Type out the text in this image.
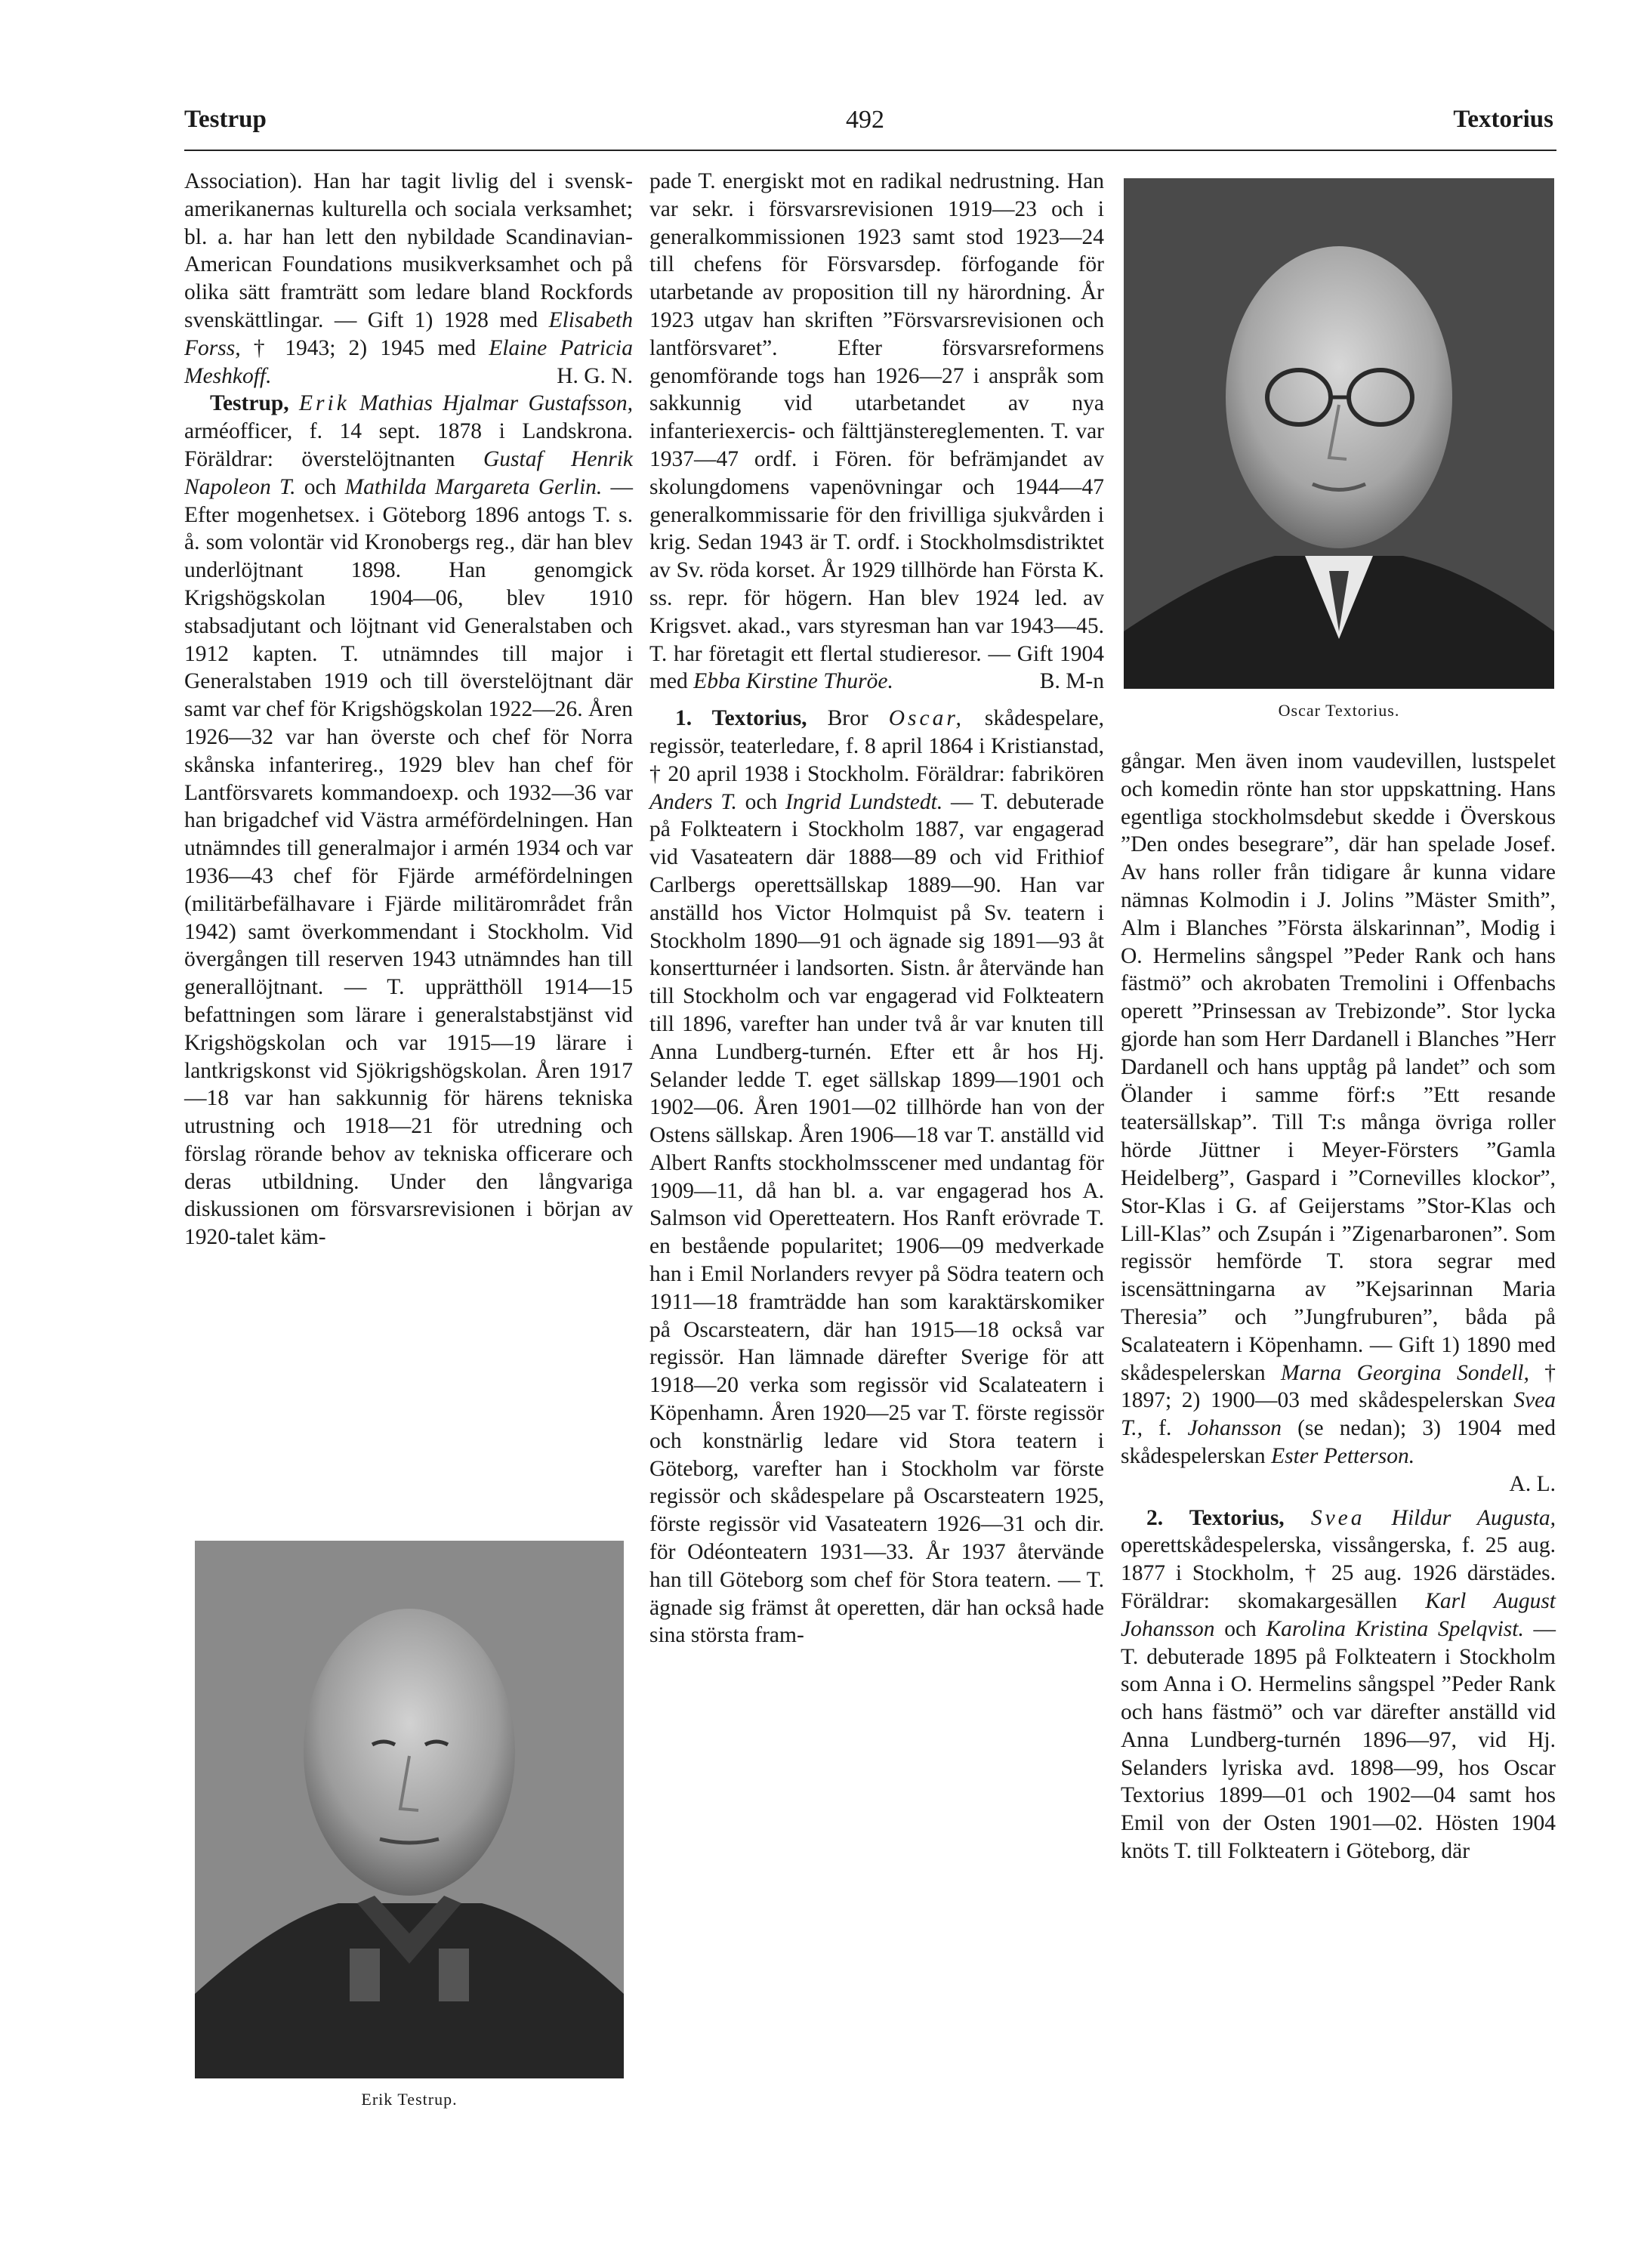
Testrup	492	Textorius

Association). Han har tagit livlig del i svensk-amerikanernas kulturella och sociala verksamhet; bl. a. har han lett den nybildade Scandinavian-American Foundations musikverksamhet och på olika sätt framträtt som ledare bland Rockfords svenskättlingar. — Gift 1) 1928 med Elisabeth Forss, † 1943; 2) 1945 med Elaine Patricia Meshkoff.	H. G. N.

Testrup, Erik Mathias Hjalmar Gustafsson, arméofficer, f. 14 sept. 1878 i Landskrona. Föräldrar: överstelöjtnanten Gustaf Henrik Napoleon T. och Mathilda Margareta Gerlin. — Efter mogenhetsex. i Göteborg 1896 antogs T. s. å. som volontär vid Kronobergs reg., där han blev underlöjtnant 1898. Han genomgick Krigshögskolan 1904—06, blev 1910 stabsadjutant och löjtnant vid Generalstaben och 1912 kapten. T. utnämndes till major i Generalstaben 1919 och till överstelöjtnant där samt var chef för Krigshögskolan 1922—26. Åren 1926—32 var han överste och chef för Norra skånska infanterireg., 1929 blev han chef för Lantförsvarets kommandoexp. och 1932—36 var han brigadchef vid Västra arméfördelningen. Han utnämndes till generalmajor i armén 1934 och var 1936—43 chef för Fjärde arméfördelningen (militärbefälhavare i Fjärde militärområdet från 1942) samt överkommendant i Stockholm. Vid övergången till reserven 1943 utnämndes han till generallöjtnant. — T. upprätthöll 1914—15 befattningen som lärare i generalstabstjänst vid Krigshögskolan och var 1915—19 lärare i lantkrigskonst vid Sjökrigshögskolan. Åren 1917—18 var han sakkunnig för härens tekniska utrustning och 1918—21 för utredning och förslag rörande behov av tekniska officerare och deras utbildning. Under den långvariga diskussionen om försvarsrevisionen i början av 1920-talet käm-

pade T. energiskt mot en radikal nedrustning. Han var sekr. i försvarsrevisionen 1919—23 och i generalkommissionen 1923 samt stod 1923—24 till chefens för Försvarsdep. förfogande för utarbetande av proposition till ny härordning. År 1923 utgav han skriften ”Försvarsrevisionen och lantförsvaret”. Efter försvarsreformens genomförande togs han 1926—27 i anspråk som sakkunnig vid utarbetandet av nya infanteriexercis- och fälttjänstereglementen. T. var 1937—47 ordf. i Fören. för befrämjandet av skolungdomens vapenövningar och 1944—47 generalkommissarie för den frivilliga sjukvården i krig. Sedan 1943 är T. ordf. i Stockholmsdistriktet av Sv. röda korset. År 1929 tillhörde han Första K. ss. repr. för högern. Han blev 1924 led. av Krigsvet. akad., vars styresman han var 1943—45. T. har företagit ett flertal studieresor. — Gift 1904 med Ebba Kirstine Thuröe.	B. M-n

1. Textorius, Bror Oscar, skådespelare, regissör, teaterledare, f. 8 april 1864 i Kristianstad, † 20 april 1938 i Stockholm. Föräldrar: fabrikören Anders T. och Ingrid Lundstedt. — T. debuterade på Folkteatern i Stockholm 1887, var engagerad vid Vasateatern där 1888—89 och vid Frithiof Carlbergs operettsällskap 1889—90. Han var anställd hos Victor Holmquist på Sv. teatern i Stockholm 1890—91 och ägnade sig 1891—93 åt konsertturnéer i landsorten. Sistn. år återvände han till Stockholm och var engagerad vid Folkteatern till 1896, varefter han under två år var knuten till Anna Lundberg-turnén. Efter ett år hos Hj. Selander ledde T. eget sällskap 1899—1901 och 1902—06. Åren 1901—02 tillhörde han von der Ostens sällskap. Åren 1906—18 var T. anställd vid Albert Ranfts stockholmsscener med undantag för 1909—11, då han bl. a. var engagerad hos A. Salmson vid Operetteatern. Hos Ranft erövrade T. en bestående popularitet; 1906—09 medverkade han i Emil Norlanders revyer på Södra teatern och 1911—18 framträdde han som karaktärskomiker på Oscarsteatern, där han 1915—18 också var regissör. Han lämnade därefter Sverige för att 1918—20 verka som regissör vid Scalateatern i Köpenhamn. Åren 1920—25 var T. förste regissör och konstnärlig ledare vid Stora teatern i Göteborg, varefter han i Stockholm var förste regissör och skådespelare på Oscarsteatern 1925, förste regissör vid Vasateatern 1926—31 och dir. för Odéonteatern 1931—33. År 1937 återvände han till Göteborg som chef för Stora teatern. — T. ägnade sig främst åt operetten, där han också hade sina största fram-

gångar. Men även inom vaudevillen, lustspelet och komedin rönte han stor uppskattning. Hans egentliga stockholmsdebut skedde i Överskous ”Den ondes besegrare”, där han spelade Josef. Av hans roller från tidigare år kunna vidare nämnas Kolmodin i J. Jolins ”Mäster Smith”, Alm i Blanches ”Första älskarinnan”, Modig i O. Hermelins sångspel ”Peder Rank och hans fästmö” och akrobaten Tremolini i Offenbachs operett ”Prinsessan av Trebizonde”. Stor lycka gjorde han som Herr Dardanell i Blanches ”Herr Dardanell och hans upptåg på landet” och som Ölander i samme förf:s ”Ett resande teatersällskap”. Till T:s många övriga roller hörde Jüttner i Meyer-Försters ”Gamla Heidelberg”, Gaspard i ”Cornevilles klockor”, Stor-Klas i G. af Geijerstams ”Stor-Klas och Lill-Klas” och Zsupán i ”Zigenarbaronen”. Som regissör hemförde T. stora segrar med iscensättningarna av ”Kejsarinnan Maria Theresia” och ”Jungfruburen”, båda på Scalateatern i Köpenhamn. — Gift 1) 1890 med skådespelerskan Marna Georgina Sondell, † 1897; 2) 1900—03 med skådespelerskan Svea T., f. Johansson (se nedan); 3) 1904 med skådespelerskan Ester Petterson.
A. L.

2. Textorius, Svea Hildur Augusta, operettskådespelerska, vissångerska, f. 25 aug. 1877 i Stockholm, † 25 aug. 1926 därstädes. Föräldrar: skomakargesällen Karl August Johansson och Karolina Kristina Spelqvist. — T. debuterade 1895 på Folkteatern i Stockholm som Anna i O. Hermelins sångspel ”Peder Rank och hans fästmö” och var därefter anställd vid Anna Lundberg-turnén 1896—97, vid Hj. Selanders lyriska avd. 1898—99, hos Oscar Textorius 1899—01 och 1902—04 samt hos Emil von der Osten 1901—02. Hösten 1904 knöts T. till Folkteatern i Göteborg, där

Oscar Textorius.
Erik Testrup.
